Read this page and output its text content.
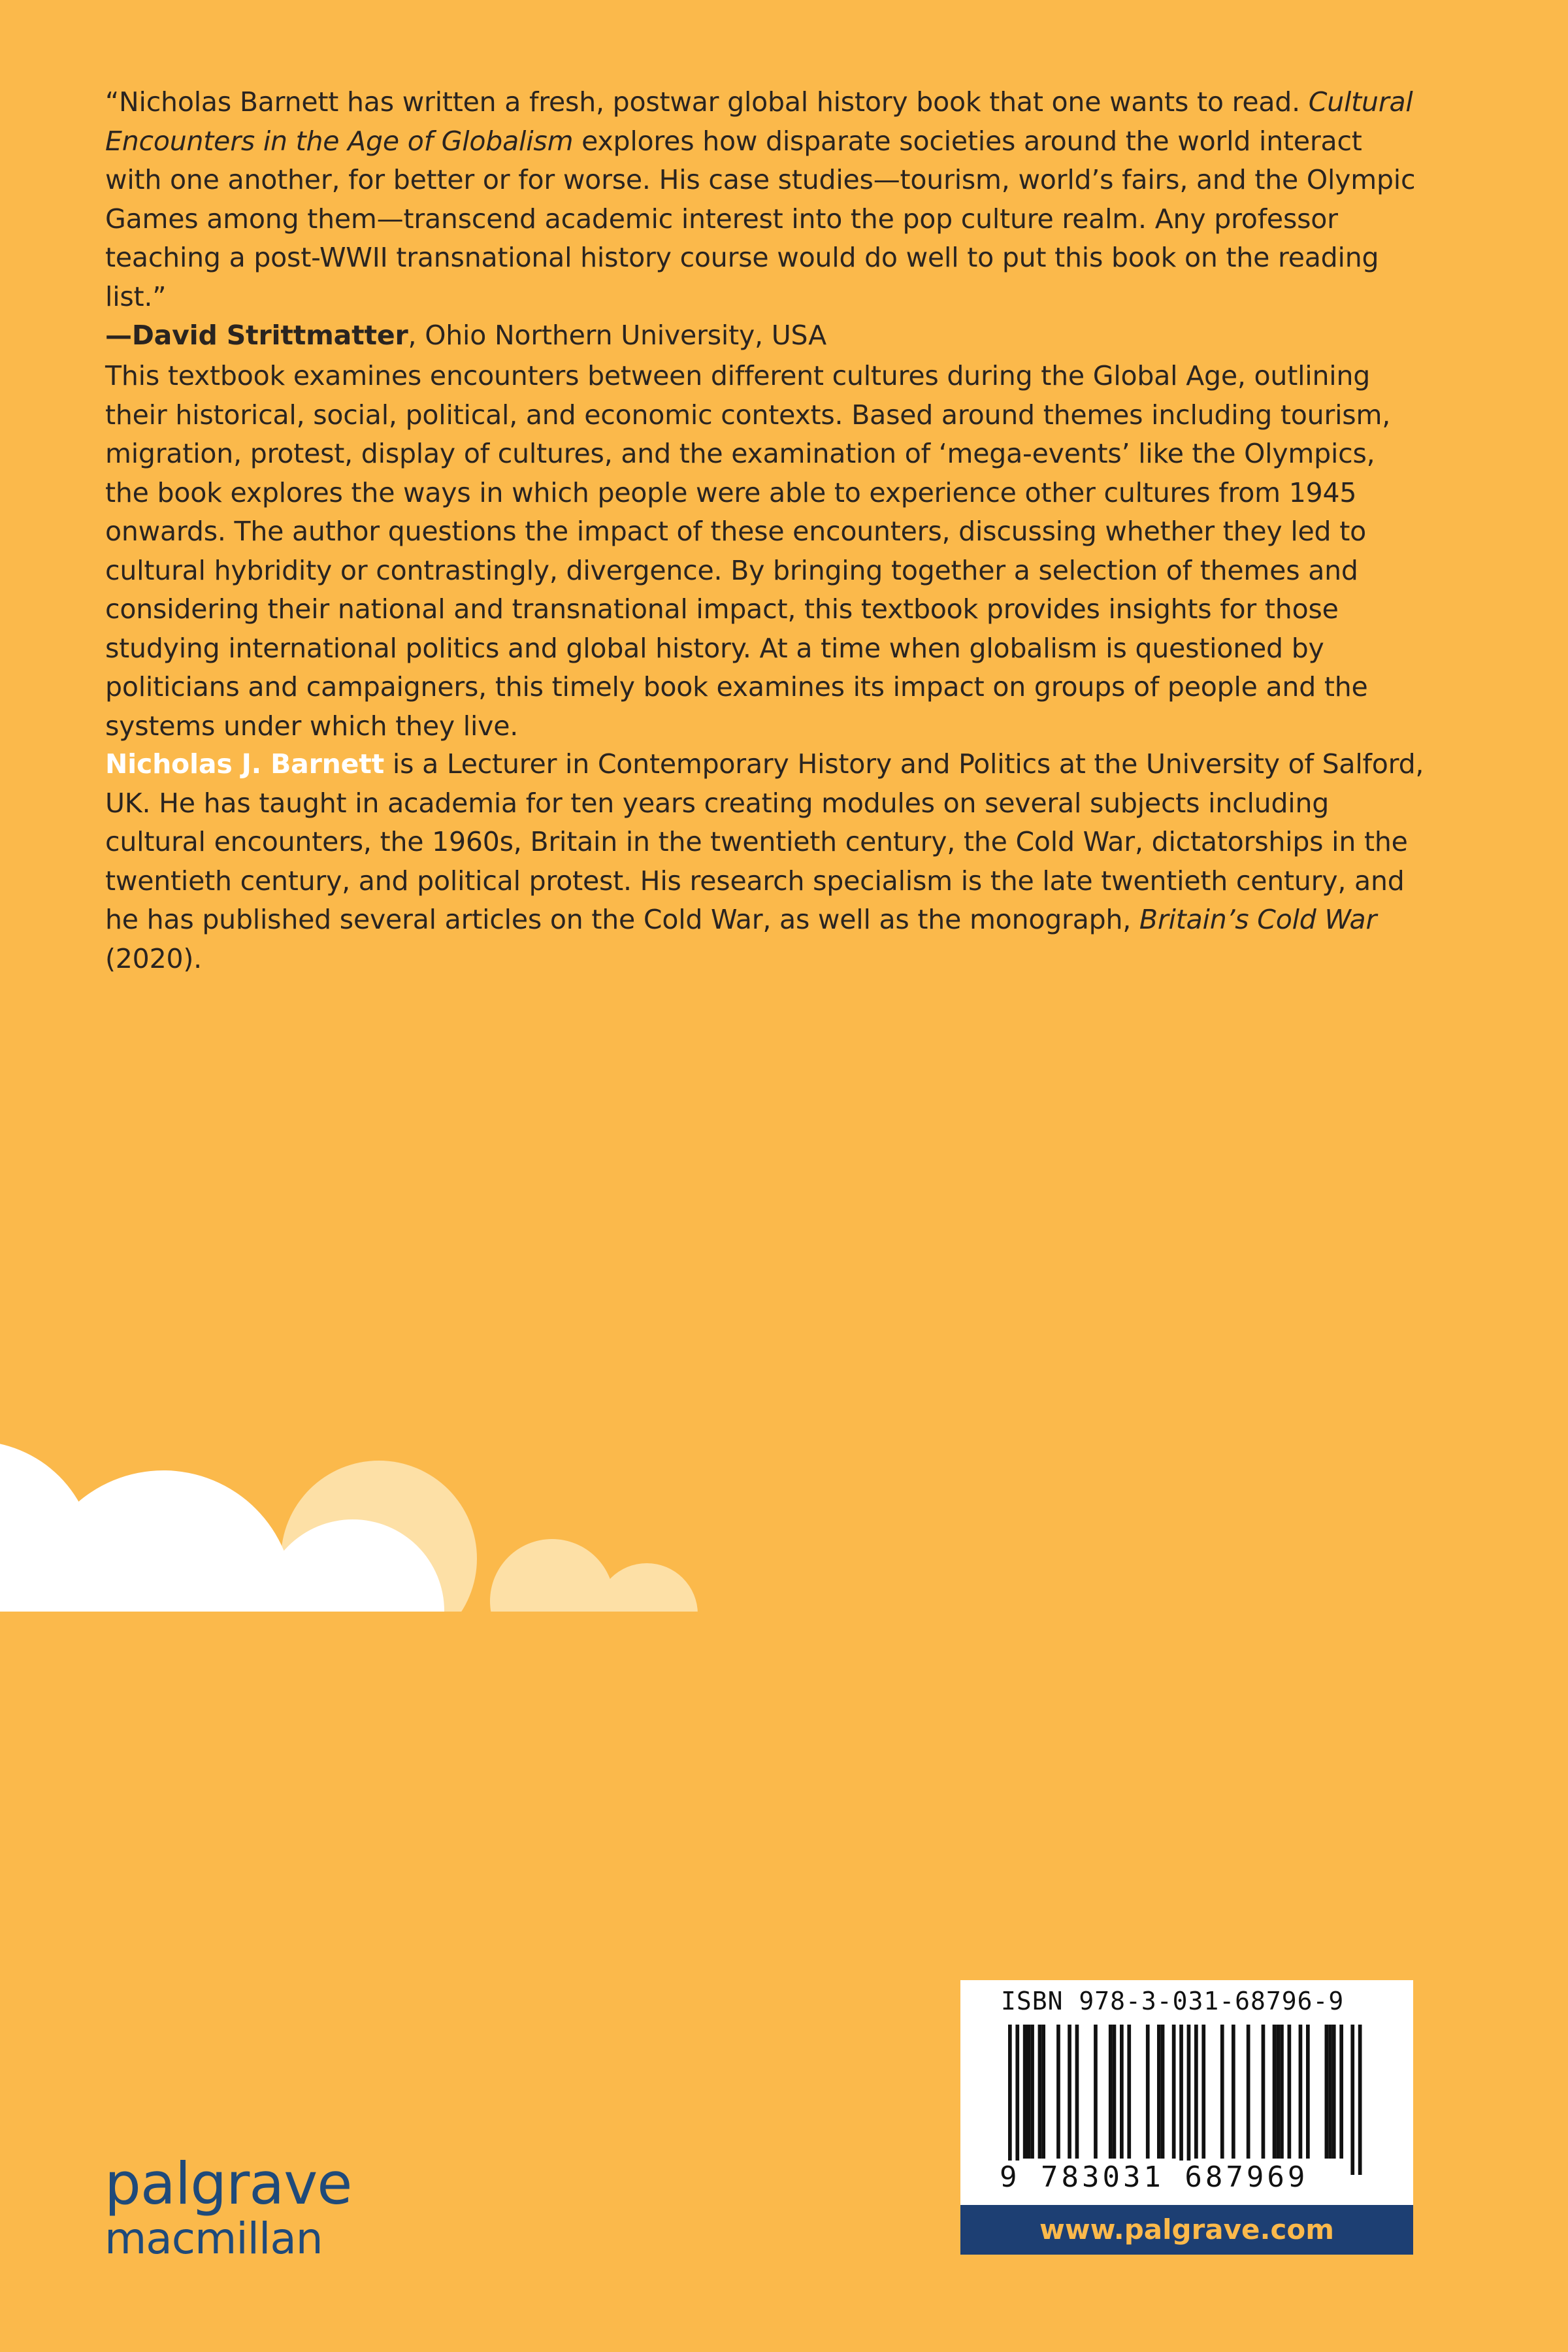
“Nicholas Barnett has written a fresh, postwar global history book that one wants to read. Cultural Encounters in the Age of Globalism explores how disparate societies around the world interact with one another, for better or for worse. His case studies—tourism, world’s fairs, and the Olympic Games among them—transcend academic interest into the pop culture realm. Any professor teaching a post-WWII transnational history course would do well to put this book on the reading list.”

—David Strittmatter, Ohio Northern University, USA

This textbook examines encounters between different cultures during the Global Age, outlining their historical, social, political, and economic contexts. Based around themes including tourism, migration, protest, display of cultures, and the examination of ‘mega-events’ like the Olympics, the book explores the ways in which people were able to experience other cultures from 1945 onwards. The author questions the impact of these encounters, discussing whether they led to cultural hybridity or contrastingly, divergence. By bringing together a selection of themes and considering their national and transnational impact, this textbook provides insights for those studying international politics and global history. At a time when globalism is questioned by politicians and campaigners, this timely book examines its impact on groups of people and the systems under which they live.

Nicholas J. Barnett is a Lecturer in Contemporary History and Politics at the University of Salford, UK. He has taught in academia for ten years creating modules on several subjects including cultural encounters, the 1960s, Britain in the twentieth century, the Cold War, dictatorships in the twentieth century, and political protest. His research specialism is the late twentieth century, and he has published several articles on the Cold War, as well as the monograph, Britain’s Cold War (2020).

palgrave
macmillan
ISBN 978-3-031-68796-9
9 783031 687969
www.palgrave.com
